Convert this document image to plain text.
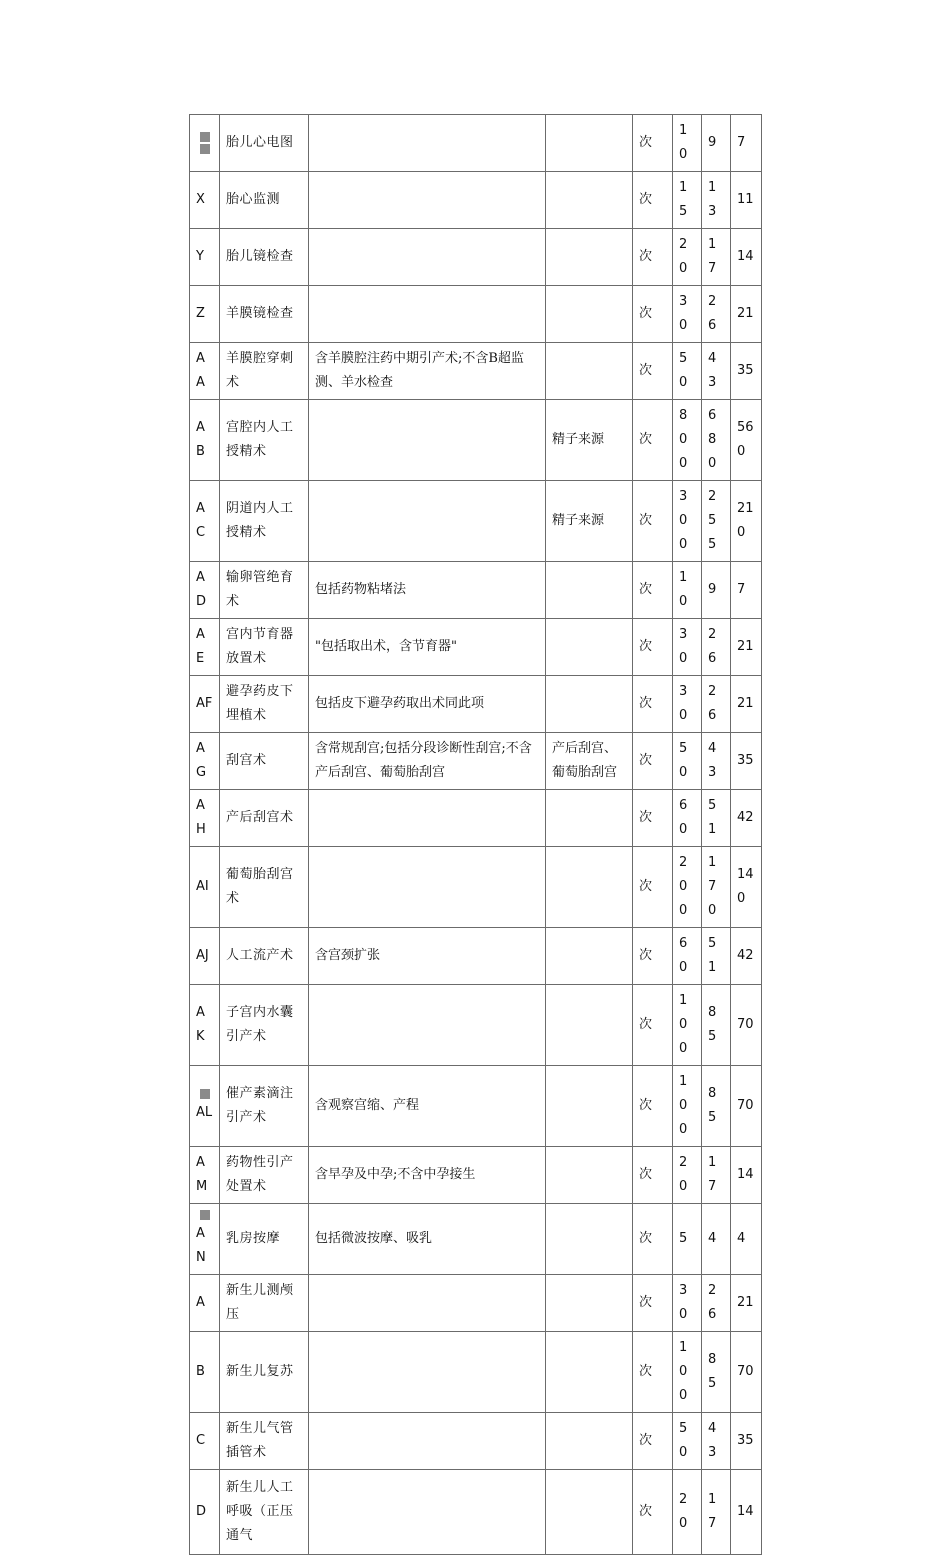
	胎儿心电图			次	10	9	7

X	胎心监测			次	15	13	11

Y	胎儿镜检查			次	20	17	14

Z	羊膜镜检查			次	30	26	21

AA	羊膜腔穿刺术	含羊膜腔注药中期引产术;不含B超监测、羊水检查		次	50	43	35

AB	宫腔内人工授精术		精子来源	次	800	680	560

AC	阴道内人工授精术		精子来源	次	300	255	210

AD	输卵管绝育术	包括药物粘堵法		次	10	9	7

AE	宫内节育器放置术	"包括取出术，含节育器"		次	30	26	21

AF	避孕药皮下埋植术	包括皮下避孕药取出术同此项		次	30	26	21

AG	刮宫术	含常规刮宫;包括分段诊断性刮宫;不含产后刮宫、葡萄胎刮宫	产后刮宫、葡萄胎刮宫	次	50	43	35

AH	产后刮宫术			次	60	51	42

AI	葡萄胎刮宫术			次	200	170	140

AJ	人工流产术	含宫颈扩张		次	60	51	42

AK	子宫内水囊引产术			次	100	85	70

AL	催产素滴注引产术	含观察宫缩、产程		次	100	85	70

AM	药物性引产处置术	含早孕及中孕;不含中孕接生		次	20	17	14

AN	乳房按摩	包括微波按摩、吸乳		次	5	4	4

A	新生儿测颅压			次	30	26	21

B	新生儿复苏			次	100	85	70

C	新生儿气管插管术			次	50	43	35

D	新生儿人工呼吸（正压通气			次	20	17	14
